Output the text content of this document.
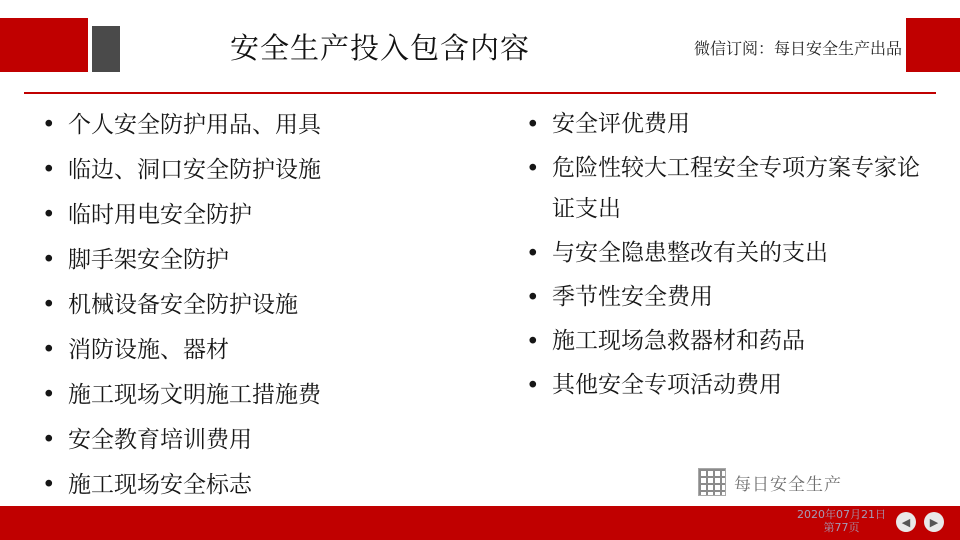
安全生产投入包含内容	微信订阅：每日安全生产出品
• 个人安全防护用品、用具
• 临边、洞口安全防护设施
• 临时用电安全防护
• 脚手架安全防护
• 机械设备安全防护设施
• 消防设施、器材
• 施工现场文明施工措施费
• 安全教育培训费用
• 施工现场安全标志
• 安全评优费用
• 危险性较大工程安全专项方案专家论证支出
• 与安全隐患整改有关的支出
• 季节性安全费用
• 施工现场急救器材和药品
• 其他安全专项活动费用
每日安全生产
2020年07月21日
第77页	◀	▶
